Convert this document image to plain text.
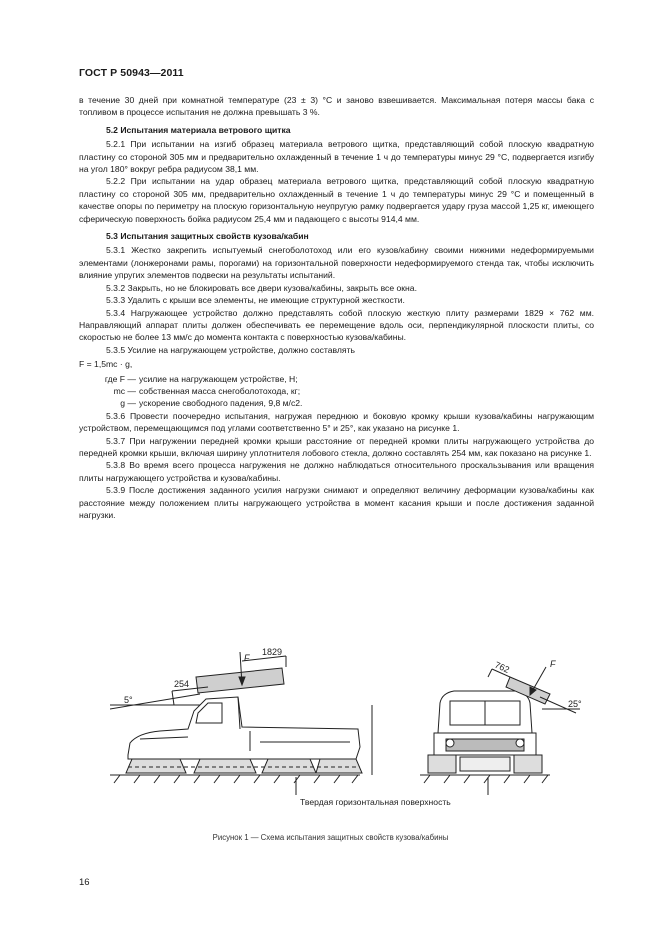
ГОСТ Р 50943—2011

в течение 30 дней при комнатной температуре (23 ± 3) °С и заново взвешивается. Максимальная потеря массы бака с топливом в процессе испытания не должна превышать 3 %.

5.2 Испытания материала ветрового щитка

5.2.1 При испытании на изгиб образец материала ветрового щитка, представляющий собой плоскую квадратную пластину со стороной 305 мм и предварительно охлажденный в течение 1 ч до температуры минус 29 °С, подвергается изгибу на угол 180° вокруг ребра радиусом 38,1 мм.

5.2.2 При испытании на удар образец материала ветрового щитка, представляющий собой плоскую квадратную пластину со стороной 305 мм, предварительно охлажденный в течение 1 ч до температуры минус 29 °С и помещенный в качестве опоры по периметру на плоскую горизонтальную неупругую рамку подвергается удару груза массой 1,25 кг, имеющего сферическую поверхность бойка радиусом 25,4 мм и падающего с высоты 914,4 мм.

5.3 Испытания защитных свойств кузова/кабин

5.3.1 Жестко закрепить испытуемый снегоболотоход или его кузов/кабину своими нижними недеформируемыми элементами (лонжеронами рамы, порогами) на горизонтальной поверхности недеформируемого стенда так, чтобы исключить влияние упругих элементов подвески на результаты испытаний.

5.3.2 Закрыть, но не блокировать все двери кузова/кабины, закрыть все окна.

5.3.3 Удалить с крыши все элементы, не имеющие структурной жесткости.

5.3.4 Нагружающее устройство должно представлять собой плоскую жесткую плиту размерами 1829 × 762 мм. Направляющий аппарат плиты должен обеспечивать ее перемещение вдоль оси, перпендикулярной плоскости плиты, со скоростью не более 13 мм/с до момента контакта с поверхностью кузова/кабины.

5.3.5 Усилие на нагружающем устройстве, должно составлять

F = 1,5mc · g,

где F — усилие на нагружающем устройстве, Н;
mc — собственная масса снегоболотохода, кг;
g — ускорение свободного падения, 9,8 м/с2.

5.3.6 Провести поочередно испытания, нагружая переднюю и боковую кромку крыши кузова/кабины нагружающим устройством, перемещающимся под углами соответственно 5° и 25°, как указано на рисунке 1.

5.3.7 При нагружении передней кромки крыши расстояние от передней кромки плиты нагружающего устройства до передней кромки крыши, включая ширину уплотнителя лобового стекла, должно составлять 254 мм, как показано на рисунке 1.

5.3.8 Во время всего процесса нагружения не должно наблюдаться относительного проскальзывания или вращения плиты нагружающего устройства и кузова/кабины.

5.3.9 После достижения заданного усилия нагрузки снимают и определяют величину деформации кузова/кабины как расстояние между положением плиты нагружающего устройства в момент касания крыши и после достижения заданной нагрузки.

F
1829
254
5°
762	F
25°
Твердая горизонтальная поверхность
Рисунок 1 — Схема испытания защитных свойств кузова/кабины
16
